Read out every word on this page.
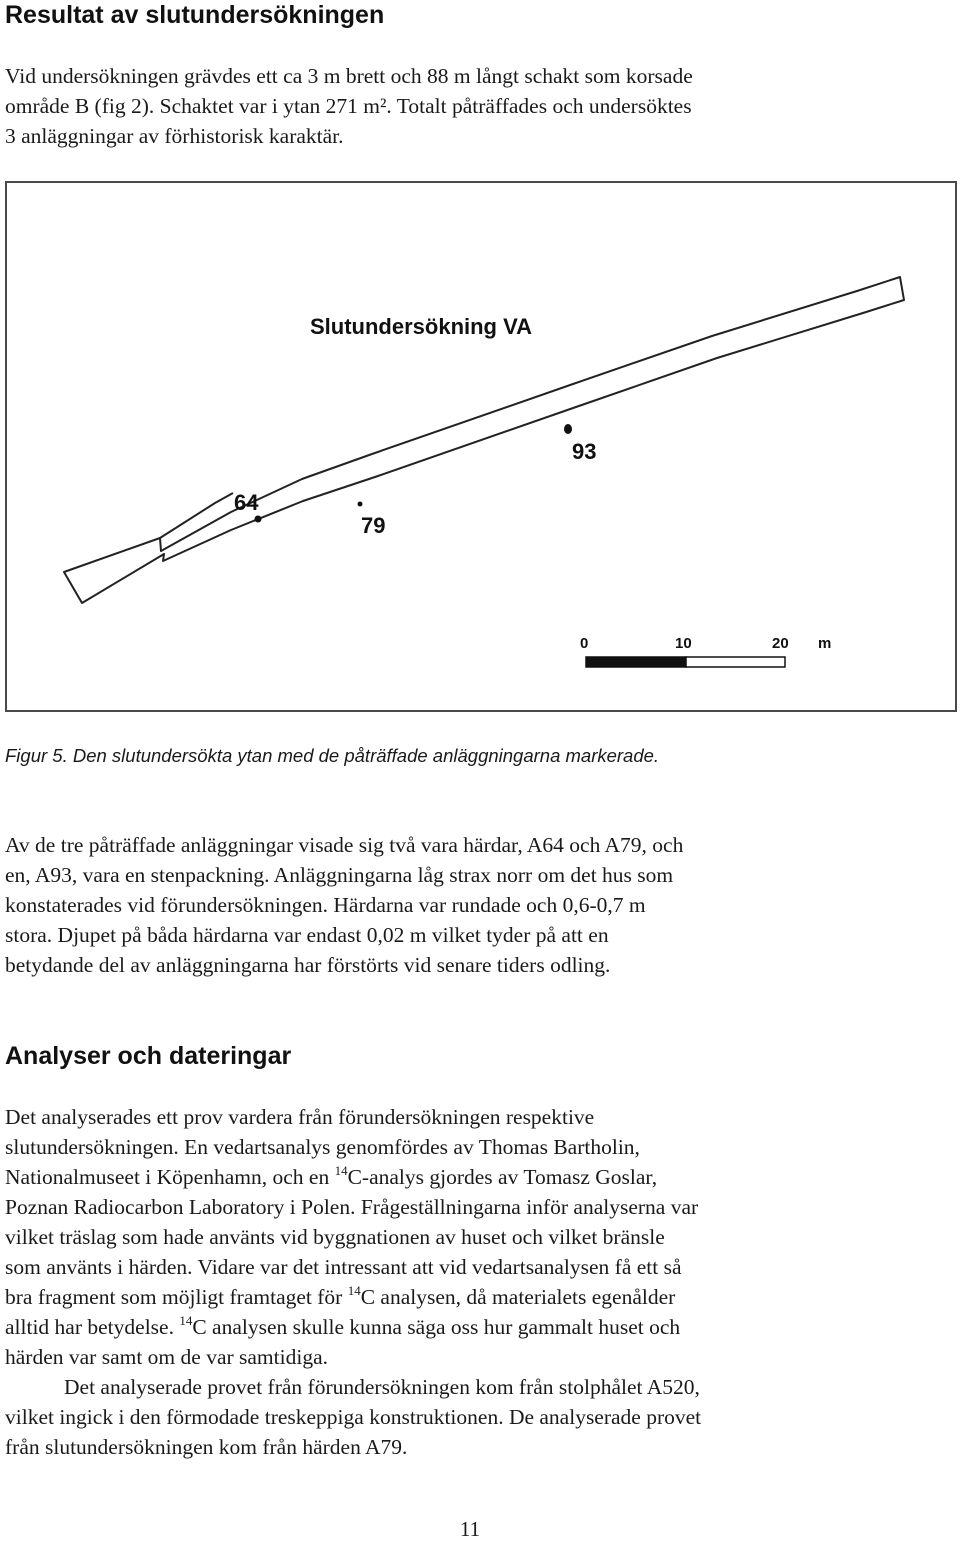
Resultat av slutundersökningen

Vid undersökningen grävdes ett ca 3 m brett och 88 m långt schakt som korsade
område B (fig 2). Schaktet var i ytan 271 m². Totalt påträffades och undersöktes
3 anläggningar av förhistorisk karaktär.

Slutundersökning VA
64
79
93
0	10	20 m

Figur 5. Den slutundersökta ytan med de påträffade anläggningarna markerade.

Av de tre påträffade anläggningar visade sig två vara härdar, A64 och A79, och
en, A93, vara en stenpackning. Anläggningarna låg strax norr om det hus som
konstaterades vid förundersökningen. Härdarna var rundade och 0,6-0,7 m
stora. Djupet på båda härdarna var endast 0,02 m vilket tyder på att en
betydande del av anläggningarna har förstörts vid senare tiders odling.

Analyser och dateringar

Det analyserades ett prov vardera från förundersökningen respektive
slutundersökningen. En vedartsanalys genomfördes av Thomas Bartholin,
Nationalmuseet i Köpenhamn, och en $^{14}$C-analys gjordes av Tomasz Goslar,
Poznan Radiocarbon Laboratory i Polen. Frågeställningarna inför analyserna var
vilket träslag som hade använts vid byggnationen av huset och vilket bränsle
som använts i härden. Vidare var det intressant att vid vedartsanalysen få ett så
bra fragment som möjligt framtaget för $^{14}$C analysen, då materialets egenålder
alltid har betydelse. $^{14}$C analysen skulle kunna säga oss hur gammalt huset och
härden var samt om de var samtidiga.
Det analyserade provet från förundersökningen kom från stolphålet A520,
vilket ingick i den förmodade treskeppiga konstruktionen. De analyserade provet
från slutundersökningen kom från härden A79.

11
